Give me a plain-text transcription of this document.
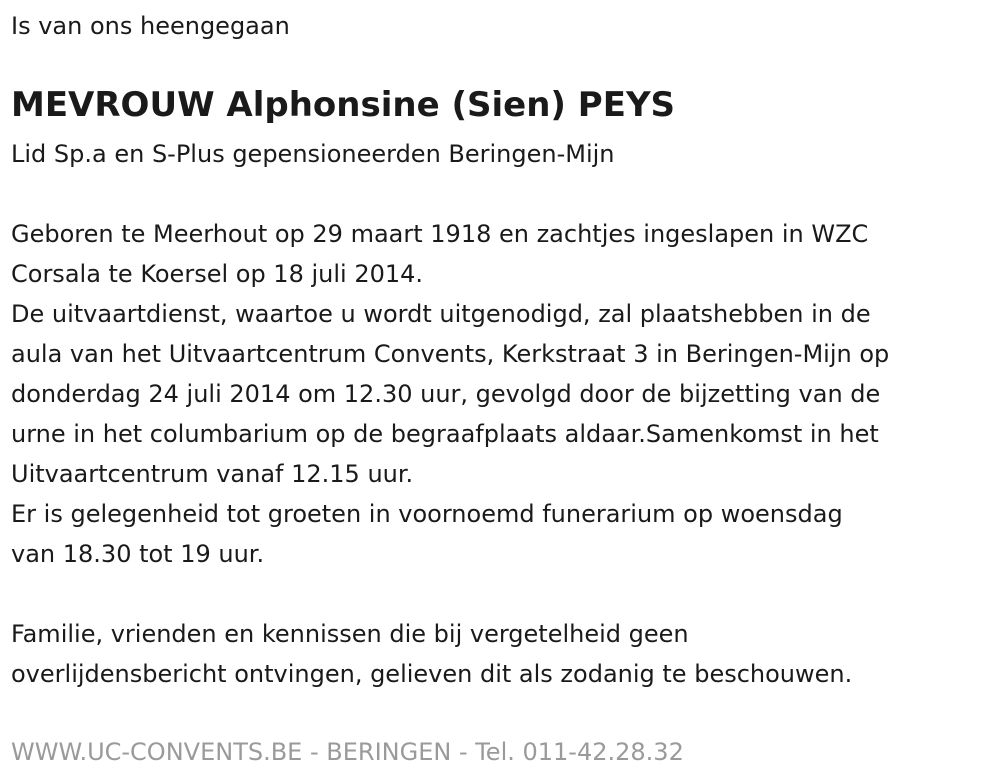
Is van ons heengegaan
MEVROUW Alphonsine (Sien) PEYS
Lid Sp.a en S-Plus gepensioneerden Beringen-Mijn
Geboren te Meerhout op 29 maart 1918 en zachtjes ingeslapen in WZC
Corsala te Koersel op 18 juli 2014.
De uitvaartdienst, waartoe u wordt uitgenodigd, zal plaatshebben in de
aula van het Uitvaartcentrum Convents, Kerkstraat 3 in Beringen-Mijn op
donderdag 24 juli 2014 om 12.30 uur, gevolgd door de bijzetting van de
urne in het columbarium op de begraafplaats aldaar.Samenkomst in het
Uitvaartcentrum vanaf 12.15 uur.
Er is gelegenheid tot groeten in voornoemd funerarium op woensdag
van 18.30 tot 19 uur.
Familie, vrienden en kennissen die bij vergetelheid geen
overlijdensbericht ontvingen, gelieven dit als zodanig te beschouwen.
WWW.UC-CONVENTS.BE - BERINGEN - Tel. 011-42.28.32
